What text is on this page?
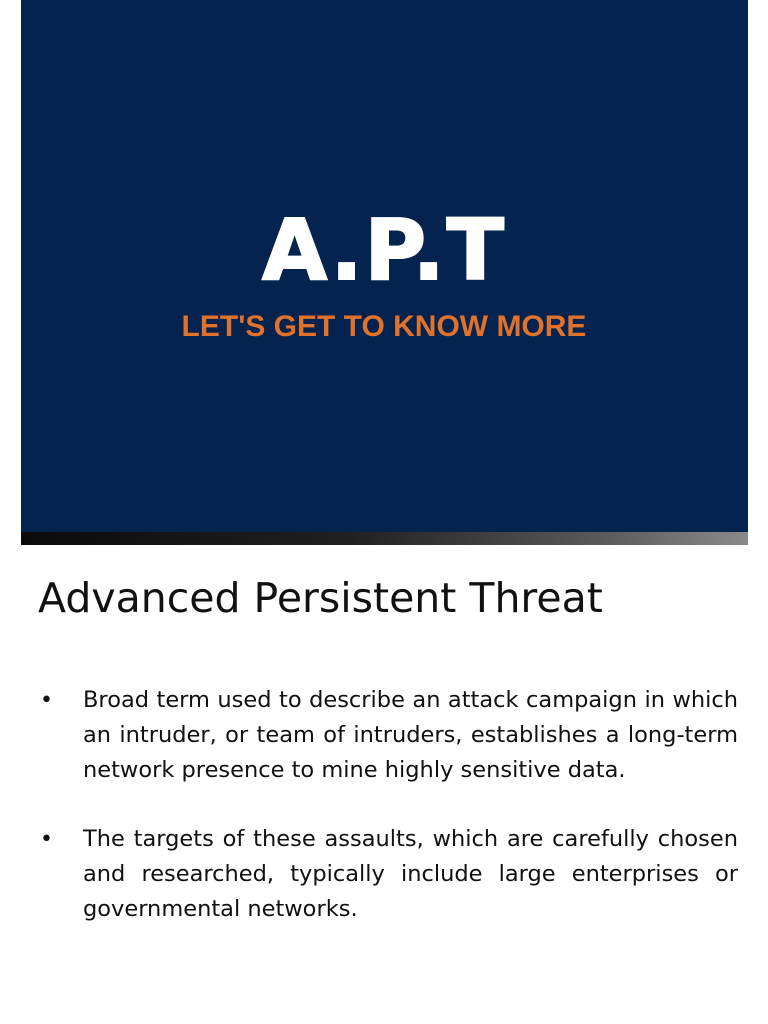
A.P.T
LET'S GET TO KNOW MORE
Advanced Persistent Threat
•	Broad term used to describe an attack campaign in which an intruder, or team of intruders, establishes a long-term network presence to mine highly sensitive data.
•	The targets of these assaults, which are carefully chosen and researched, typically include large enterprises or governmental networks.
